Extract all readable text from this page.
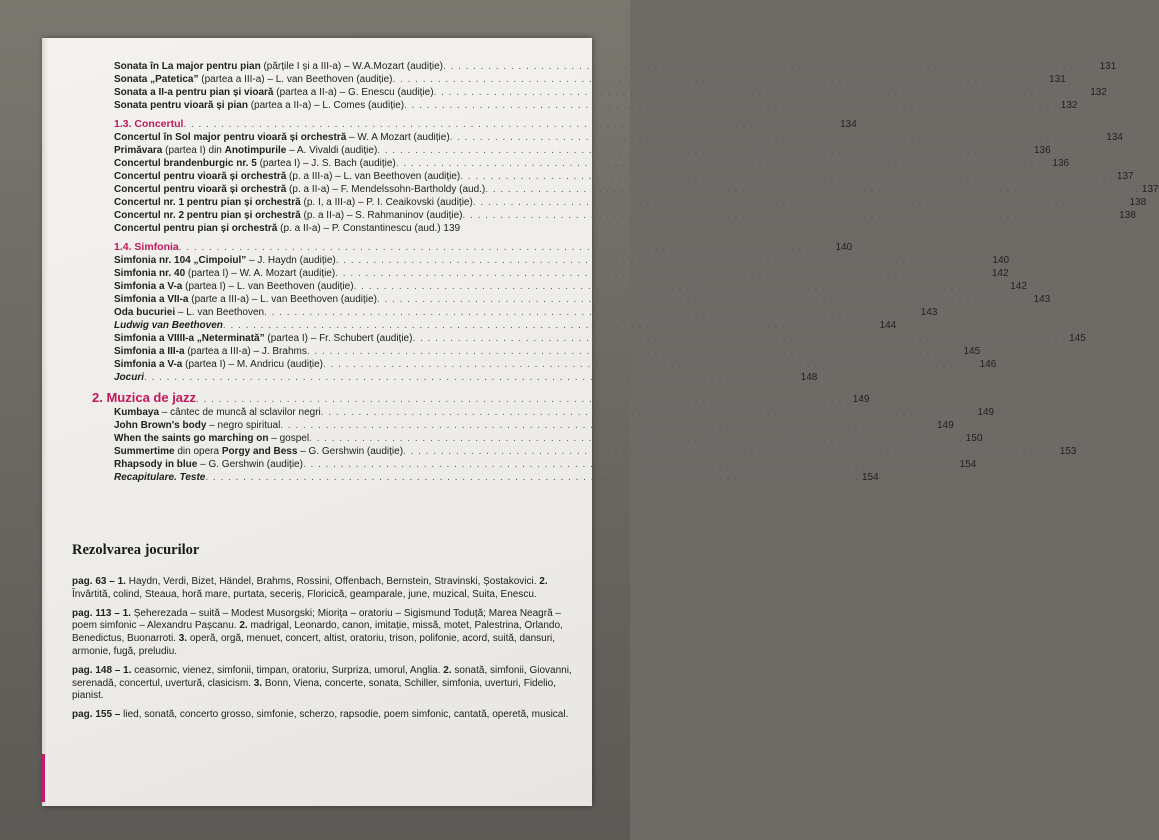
Sonata în La major pentru pian (părțile I și a III-a) – W.A.Mozart (audiție) . . .	131
Sonata „Patetica” (partea a III-a) – L. van Beethoven (audiție) . . .	131
Sonata a II-a pentru pian și vioară (partea a II-a) – G. Enescu (audiție) . . .	132
Sonata pentru vioară și pian (partea a II-a) – L. Comes (audiție) . . .	132
1.3. Concertul . . .	134
Concertul în Sol major pentru vioară și orchestră – W. A Mozart (audiție) . . .	134
Primăvara (partea I) din Anotimpurile – A. Vivaldi (audiție) . . .	136
Concertul brandenburgic nr. 5 (partea I) – J. S. Bach (audiție) . . .	136
Concertul pentru vioară și orchestră (p. a III-a) – L. van Beethoven (audiție) . . .	137
Concertul pentru vioară și orchestră (p. a II-a) – F. Mendelssohn-Bartholdy (aud.) . . .	137
Concertul nr. 1 pentru pian și orchestră (p. I, a III-a) – P. I. Ceaikovski (audiție) . . .	138
Concertul nr. 2 pentru pian și orchestră (p. a II-a) – S. Rahmaninov (audiție) . . .	138
Concertul pentru pian și orchestră (p. a II-a) – P. Constantinescu (aud.) 139
1.4. Simfonia . . .	140
Simfonia nr. 104 „Cimpoiul” – J. Haydn (audiție) . . .	140
Simfonia nr. 40 (partea I) – W. A. Mozart (audiție) . . .	142
Simfonia a V-a (partea I) – L. van Beethoven (audiție) . . .	142
Simfonia a VII-a (parte a III-a) – L. van Beethoven (audiție) . . .	143
Oda bucuriei – L. van Beethoven . . .	143
Ludwig van Beethoven . . .	144
Simfonia a VIIII-a „Neterminată” (partea I) – Fr. Schubert (audiție) . . .	145
Simfonia a III-a (partea a III-a) – J. Brahms . . .	145
Simfonia a V-a (partea I) – M. Andricu (audiție) . . .	146
Jocuri . . .	148
2. Muzica de jazz . . .	149
Kumbaya – cântec de muncă al sclavilor negri . . .	149
John Brown's body – negro spiritual . . .	149
When the saints go marching on – gospel . . .	150
Summertime din opera Porgy and Bess – G. Gershwin (audiție) . . .	153
Rhapsody in blue – G. Gershwin (audiție) . . .	154
Recapitulare. Teste . . .	154
Rezolvarea jocurilor
pag. 63 – 1. Haydn, Verdi, Bizet, Händel, Brahms, Rossini, Offenbach, Bernstein, Stravinski, Șostakovici. 2. Învârtită, colind, Steaua, horă mare, purtata, seceriș, Floricică, geamparale, june, muzical, Suita, Enescu.
pag. 113 – 1. Șeherezada – suită – Modest Musorgski; Miorița – oratoriu – Sigismund Toduță; Marea Neagră – poem simfonic – Alexandru Pașcanu. 2. madrigal, Leonardo, canon, imitație, missă, motet, Palestrina, Orlando, Benedictus, Buonarroti. 3. operă, orgă, menuet, concert, altist, oratoriu, trison, polifonie, acord, suită, dansuri, armonie, fugă, preludiu.
pag. 148 – 1. ceasornic, vienez, simfonii, timpan, oratoriu, Surpriza, umorul, Anglia. 2. sonată, simfonii, Giovanni, serenadă, concertul, uvertură, clasicism. 3. Bonn, Viena, concerte, sonata, Schiller, simfonia, uverturi, Fidelio, pianist.
pag. 155 – lied, sonată, concerto grosso, simfonie, scherzo, rapsodie, poem simfonic, cantată, operetă, musical.
